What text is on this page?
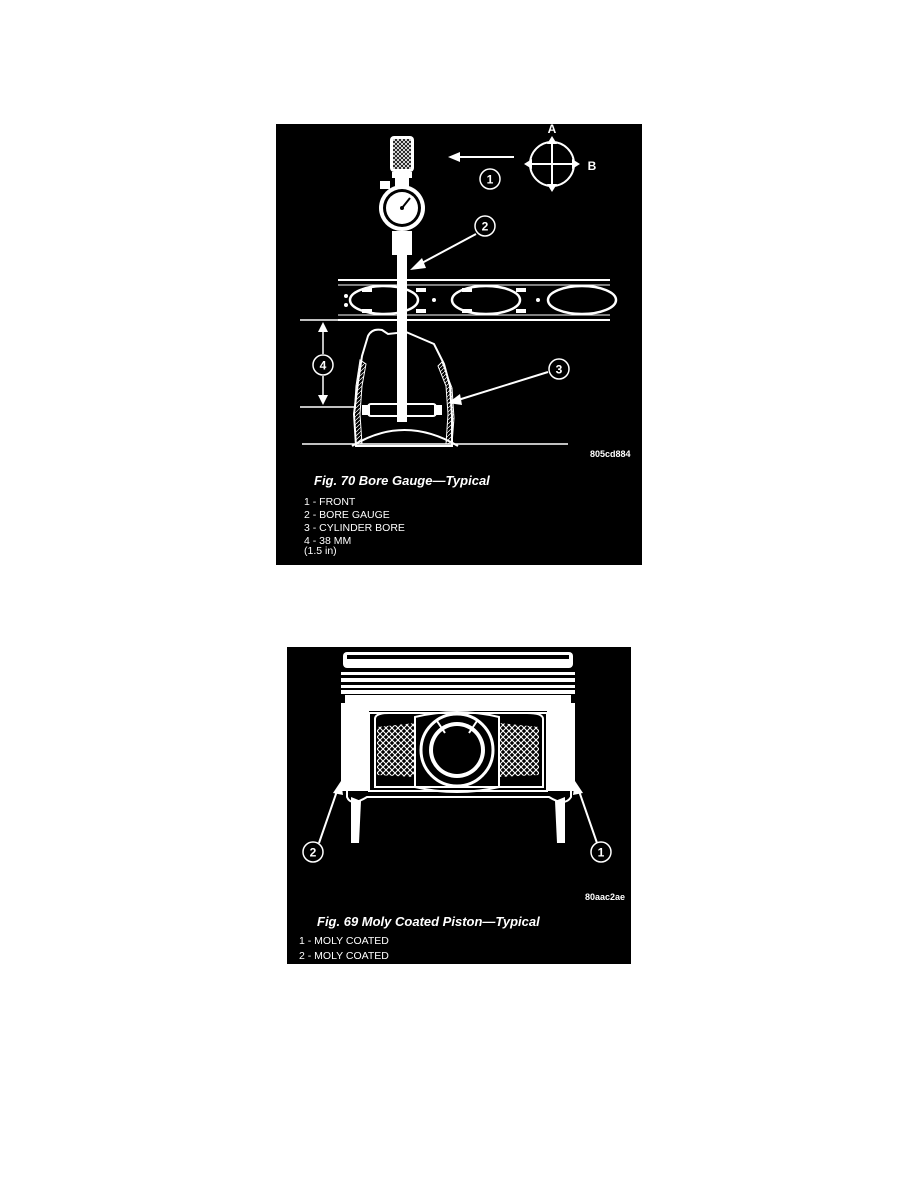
A
B
1
2
3
4
805cd884
Fig. 70 Bore Gauge—Typical
1 - FRONT
2 - BORE GAUGE
3 - CYLINDER BORE
4 - 38 MM
(1.5 in)
2	1
80aac2ae
Fig. 69 Moly Coated Piston—Typical
1 - MOLY COATED
2 - MOLY COATED
